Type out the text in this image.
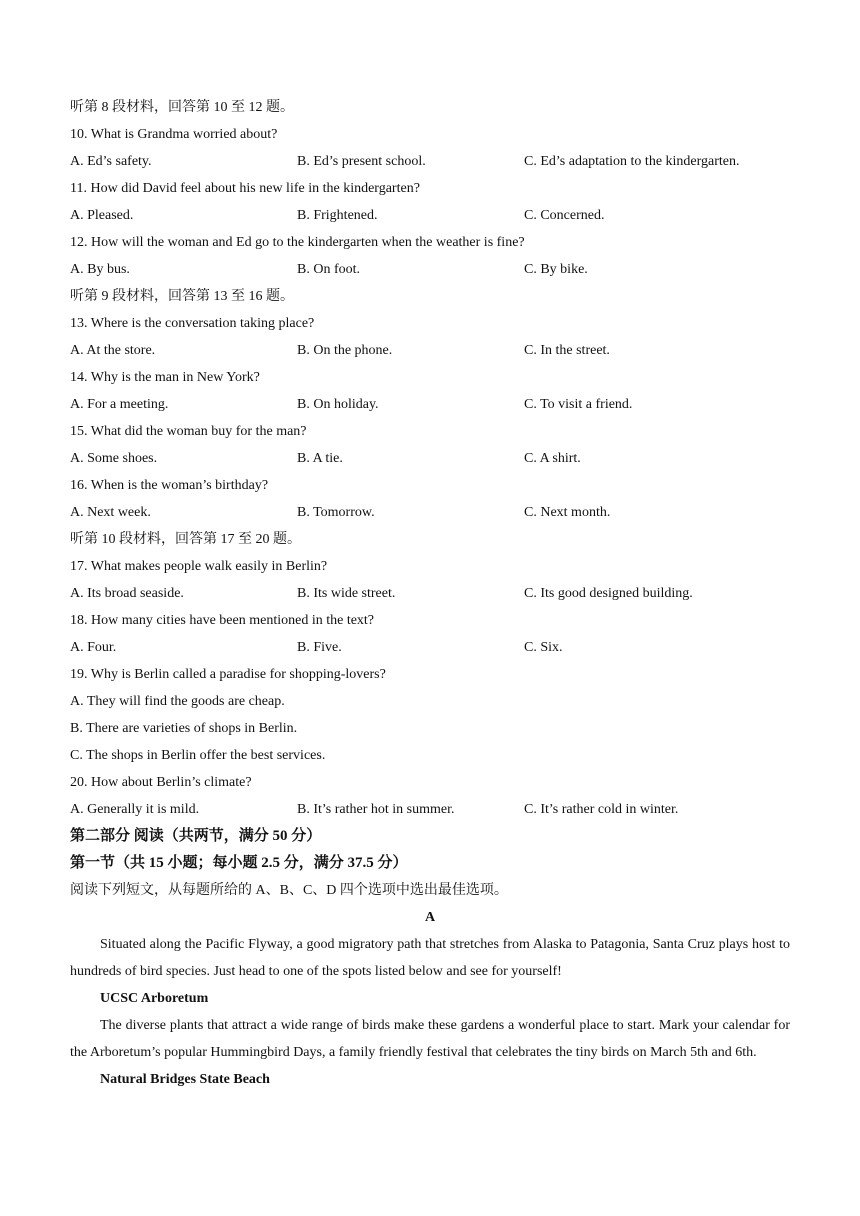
听第 8 段材料，回答第 10 至 12 题。
10. What is Grandma worried about?
A. Ed’s safety.	B. Ed’s present school.	C. Ed’s adaptation to the kindergarten.
11. How did David feel about his new life in the kindergarten?
A. Pleased.	B. Frightened.	C. Concerned.
12. How will the woman and Ed go to the kindergarten when the weather is fine?
A. By bus.	B. On foot.	C. By bike.
听第 9 段材料，回答第 13 至 16 题。
13. Where is the conversation taking place?
A. At the store.	B. On the phone.	C. In the street.
14. Why is the man in New York?
A. For a meeting.	B. On holiday.	C. To visit a friend.
15. What did the woman buy for the man?
A. Some shoes.	B. A tie.	C. A shirt.
16. When is the woman’s birthday?
A. Next week.	B. Tomorrow.	C. Next month.
听第 10 段材料，回答第 17 至 20 题。
17. What makes people walk easily in Berlin?
A. Its broad seaside.	B. Its wide street.	C. Its good designed building.
18. How many cities have been mentioned in the text?
A. Four.	B. Five.	C. Six.
19. Why is Berlin called a paradise for shopping-lovers?
A. They will find the goods are cheap.
B. There are varieties of shops in Berlin.
C. The shops in Berlin offer the best services.
20. How about Berlin’s climate?
A. Generally it is mild.	B. It’s rather hot in summer.	C. It’s rather cold in winter.
第二部分 阅读（共两节，满分 50 分）
第一节（共 15 小题；每小题 2.5 分，满分 37.5 分）
阅读下列短文，从每题所给的 A、B、C、D 四个选项中选出最佳选项。
A
Situated along the Pacific Flyway, a good migratory path that stretches from Alaska to Patagonia, Santa Cruz plays host to hundreds of bird species. Just head to one of the spots listed below and see for yourself!
UCSC Arboretum
The diverse plants that attract a wide range of birds make these gardens a wonderful place to start. Mark your calendar for the Arboretum’s popular Hummingbird Days, a family friendly festival that celebrates the tiny birds on March 5th and 6th.
Natural Bridges State Beach
